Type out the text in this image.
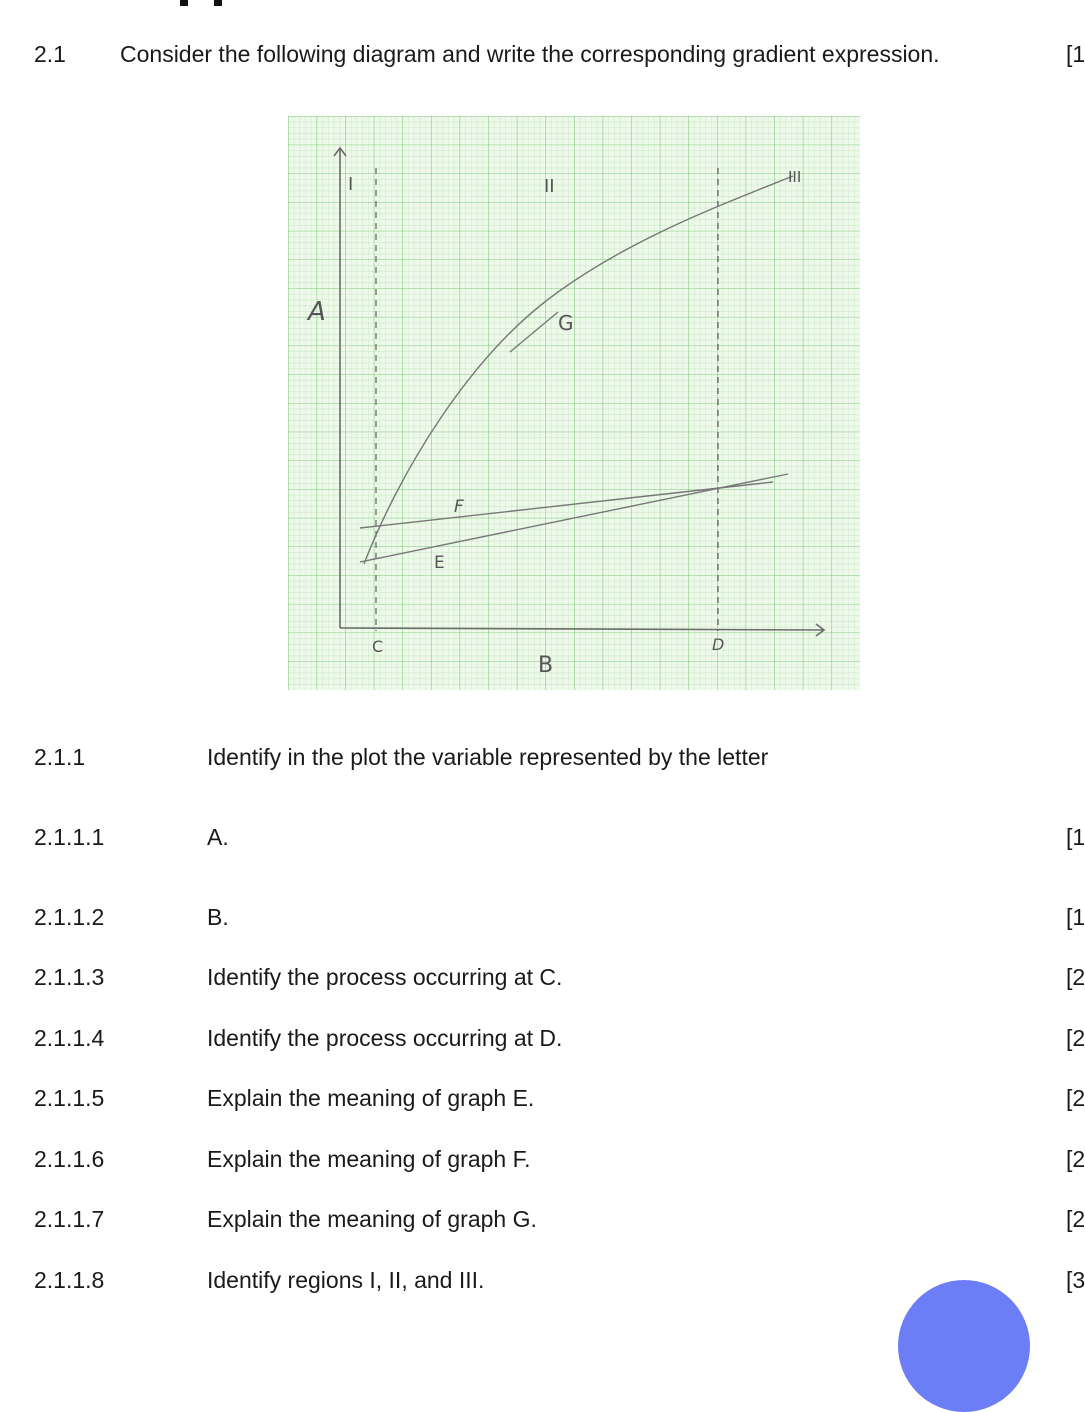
2.1 Consider the following diagram and write the corresponding gradient expression.	[1
A
B
C	D
E
F
G
I	II	III
2.1.1	Identify in the plot the variable represented by the letter
2.1.1.1	A.	[1
2.1.1.2	B.	[1
2.1.1.3	Identify the process occurring at C.	[2
2.1.1.4	Identify the process occurring at D.	[2
2.1.1.5	Explain the meaning of graph E.	[2
2.1.1.6	Explain the meaning of graph F.	[2
2.1.1.7	Explain the meaning of graph G.	[2
2.1.1.8	Identify regions I, II, and III.	[3
